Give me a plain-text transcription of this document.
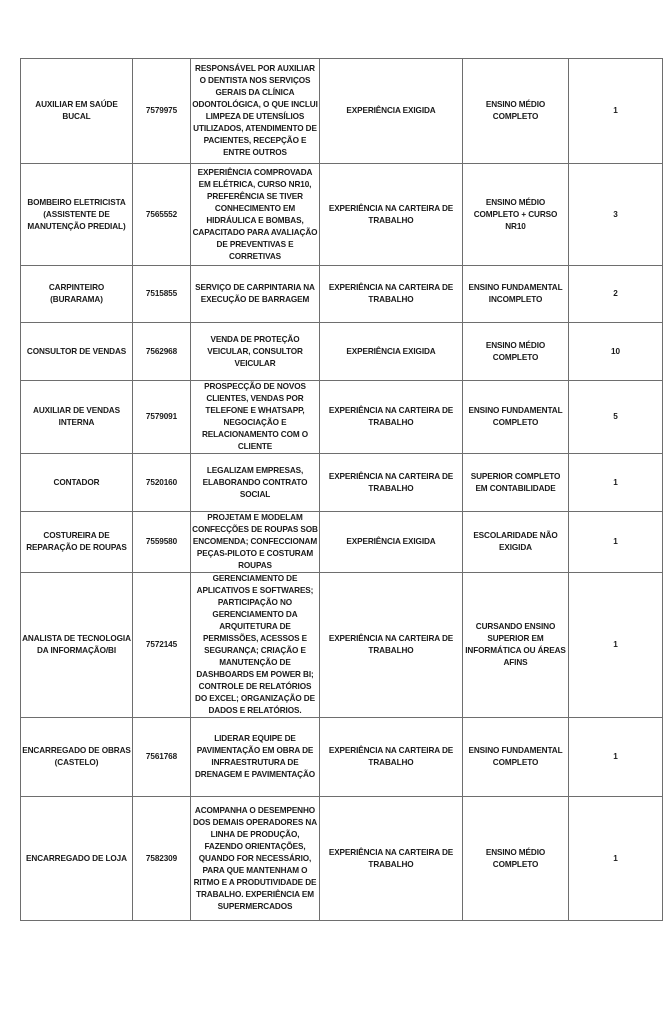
AUXILIAR EM SAÚDE BUCAL	7579975	RESPONSÁVEL POR AUXILIAR O DENTISTA NOS SERVIÇOS GERAIS DA CLÍNICA ODONTOLÓGICA, O QUE INCLUI LIMPEZA DE UTENSÍLIOS UTILIZADOS, ATENDIMENTO DE PACIENTES, RECEPÇÃO E ENTRE OUTROS	EXPERIÊNCIA EXIGIDA	ENSINO MÉDIO COMPLETO	1
BOMBEIRO ELETRICISTA (ASSISTENTE DE MANUTENÇÃO PREDIAL)	7565552	EXPERIÊNCIA COMPROVADA EM ELÉTRICA, CURSO NR10, PREFERÊNCIA SE TIVER CONHECIMENTO EM HIDRÁULICA E BOMBAS, CAPACITADO PARA AVALIAÇÃO DE PREVENTIVAS E CORRETIVAS	EXPERIÊNCIA NA CARTEIRA DE TRABALHO	ENSINO MÉDIO COMPLETO + CURSO NR10	3
CARPINTEIRO (BURARAMA)	7515855	SERVIÇO DE CARPINTARIA NA EXECUÇÃO DE BARRAGEM	EXPERIÊNCIA NA CARTEIRA DE TRABALHO	ENSINO FUNDAMENTAL INCOMPLETO	2
CONSULTOR DE VENDAS	7562968	VENDA DE PROTEÇÃO VEICULAR, CONSULTOR VEICULAR	EXPERIÊNCIA EXIGIDA	ENSINO MÉDIO COMPLETO	10
AUXILIAR DE VENDAS INTERNA	7579091	PROSPECÇÃO DE NOVOS CLIENTES, VENDAS POR TELEFONE E WHATSAPP, NEGOCIAÇÃO E RELACIONAMENTO COM O CLIENTE	EXPERIÊNCIA NA CARTEIRA DE TRABALHO	ENSINO FUNDAMENTAL COMPLETO	5
CONTADOR	7520160	LEGALIZAM EMPRESAS, ELABORANDO CONTRATO SOCIAL	EXPERIÊNCIA NA CARTEIRA DE TRABALHO	SUPERIOR COMPLETO EM CONTABILIDADE	1
COSTUREIRA DE REPARAÇÃO DE ROUPAS	7559580	PROJETAM E MODELAM CONFECÇÕES DE ROUPAS SOB ENCOMENDA; CONFECCIONAM PEÇAS-PILOTO E COSTURAM ROUPAS	EXPERIÊNCIA EXIGIDA	ESCOLARIDADE NÃO EXIGIDA	1
ANALISTA DE TECNOLOGIA DA INFORMAÇÃO/BI	7572145	GERENCIAMENTO DE APLICATIVOS E SOFTWARES; PARTICIPAÇÃO NO GERENCIAMENTO DA ARQUITETURA DE PERMISSÕES, ACESSOS E SEGURANÇA; CRIAÇÃO E MANUTENÇÃO DE DASHBOARDS EM POWER BI; CONTROLE DE RELATÓRIOS DO EXCEL; ORGANIZAÇÃO DE DADOS E RELATÓRIOS.	EXPERIÊNCIA NA CARTEIRA DE TRABALHO	CURSANDO ENSINO SUPERIOR EM INFORMÁTICA OU ÁREAS AFINS	1
ENCARREGADO DE OBRAS (CASTELO)	7561768	LIDERAR EQUIPE DE PAVIMENTAÇÃO EM OBRA DE INFRAESTRUTURA DE DRENAGEM E PAVIMENTAÇÃO	EXPERIÊNCIA NA CARTEIRA DE TRABALHO	ENSINO FUNDAMENTAL COMPLETO	1
ENCARREGADO DE LOJA	7582309	ACOMPANHA O DESEMPENHO DOS DEMAIS OPERADORES NA LINHA DE PRODUÇÃO, FAZENDO ORIENTAÇÕES, QUANDO FOR NECESSÁRIO, PARA QUE MANTENHAM O RITMO E A PRODUTIVIDADE DE TRABALHO. EXPERIÊNCIA EM SUPERMERCADOS	EXPERIÊNCIA NA CARTEIRA DE TRABALHO	ENSINO MÉDIO COMPLETO	1
